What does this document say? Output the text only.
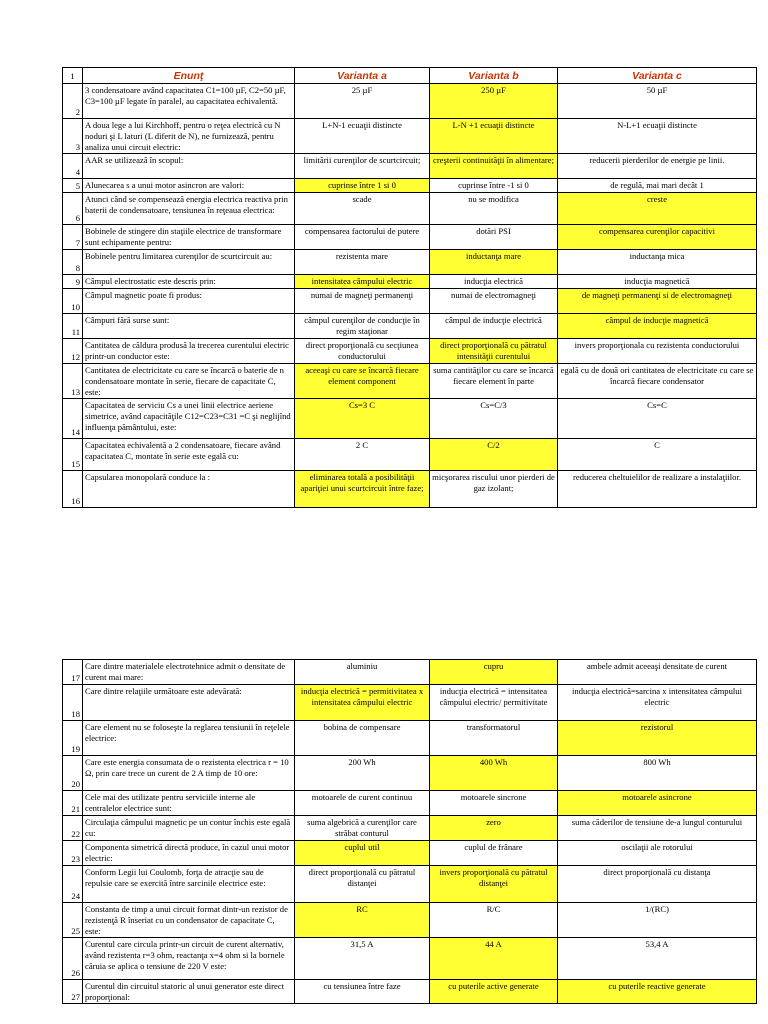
1	Enunţ	Varianta a	Varianta b	Varianta c
2	3 condensatoare având capacitatea C1=100 µF, C2=50 µF, C3=100 µF legate în paralel, au capacitatea echivalentă.	25 µF	250 µF	50 µF
3	A doua lege a lui Kirchhoff, pentru o reţea electrică cu N noduri şi L laturi (L diferit de N), ne furnizează, pentru analiza unui circuit electric:	L+N-1 ecuaţii distincte	L-N +1 ecuaţii distincte	N-L+1 ecuaţii distincte
4	AAR se utilizează în scopul:	limitării curenţilor de scurtcircuit;	creşterii continuităţii în alimentare;	reducerii pierderilor de energie pe linii.
5	Alunecarea s a unui motor asincron are valori:	cuprinse între 1 si 0	cuprinse între -1 si 0	de regulă, mai mari decât 1
6	Atunci când se compensează energia electrica reactiva prin baterii de condensatoare, tensiunea în reţeaua electrica:	scade	nu se modifica	creste
7	Bobinele de stingere din staţiile electrice de transformare sunt echipamente pentru:	compensarea factorului de putere	dotări PSI	compensarea curenţilor capacitivi
8	Bobinele pentru limitarea curenţilor de scurtcircuit au:	rezistenta mare	inductanţa mare	inductanţa mica
9	Câmpul electrostatic este descris prin:	intensitatea câmpului electric	inducţia electrică	inducţia magnetică
10	Câmpul magnetic poate fi produs:	numai de magneţi permanenţi	numai de electromagneţi	de magneţi permanenţi si de electromagneţi
11	Câmpuri fără surse sunt:	câmpul curenţilor de conducţie în regim staţionar	câmpul de inducţie electrică	câmpul de inducţie magnetică
12	Cantitatea de căldura produsă la trecerea curentului electric printr-un conductor este:	direct proporţională cu secţiunea conductorului	direct proporţională cu pătratul intensităţii curentului	invers proporţionala cu rezistenta conductorului
13	Cantitatea de electricitate cu care se încarcă o baterie de n condensatoare montate în serie, fiecare de capacitate C, este:	aceeaşi cu care se încarcă fiecare element component	suma cantităţilor cu care se încarcă fiecare element în parte	egală cu de două ori cantitatea de electricitate cu care se încarcă fiecare condensator
14	Capacitatea de serviciu Cs a unei linii electrice aeriene simetrice, având capacităţile C12=C23=C31 =C şi neglijînd influenţa pământului, este:	Cs=3 C	Cs=C/3	Cs=C
15	Capacitatea echivalentă a 2 condensatoare, fiecare având capacitatea C, montate în serie este egală cu:	2 C	C/2	C
16	Capsularea monopolară conduce la :	eliminarea totală a posibilităţii apariţiei unui scurtcircuit între faze;	micşorarea riscului unor pierderi de gaz izolant;	reducerea cheltuielilor de realizare a instalaţiilor.
17	Care dintre materialele electrotehnice admit o densitate de curent mai mare:	aluminiu	cupru	ambele admit aceeaşi densitate de curent
18	Care dintre relaţiile următoare este adevărată:	inducţia electrică = permitivitatea x intensitatea câmpului electric	inducţia electrică = intensitatea câmpului electric/ permitivitate	inducţia electrică=sarcina x intensitatea câmpului electric
19	Care element nu se foloseşte la reglarea tensiunii în reţelele electrice:	bobina de compensare	transformatorul	rezistorul
20	Care este energia consumata de o rezistenta electrica r = 10 Ω, prin care trece un curent de 2 A timp de 10 ore:	200 Wh	400 Wh	800 Wh
21	Cele mai des utilizate pentru serviciile interne ale centralelor electrice sunt:	motoarele de curent continuu	motoarele sincrone	motoarele asincrone
22	Circulaţia câmpului magnetic pe un contur închis este egală cu:	suma algebrică a curenţilor care străbat conturul	zero	suma căderilor de tensiune de-a lungul conturului
23	Componenta simetrică directă produce, în cazul unui motor electric:	cuplul util	cuplul de frânare	oscilaţii ale rotorului
24	Conform Legii lui Coulomb, forţa de atracţie sau de repulsie care se exercită între sarcinile electrice este:	direct proporţională cu pătratul distanţei	invers proporţională cu pătratul distanţei	direct proporţională cu distanţa
25	Constanta de timp a unui circuit format dintr-un rezistor de rezistenţă R înseriat cu un condensator de capacitate C, este:	RC	R/C	1/(RC)
26	Curentul care circula printr-un circuit de curent alternativ, având rezistenta r=3 ohm, reactanţa x=4 ohm si la bornele căruia se aplica o tensiune de 220 V este:	31,5 A	44 A	53,4 A
27	Curentul din circuitul statoric al unui generator este direct proporţional:	cu tensiunea între faze	cu puterile active generate	cu puterile reactive generate
